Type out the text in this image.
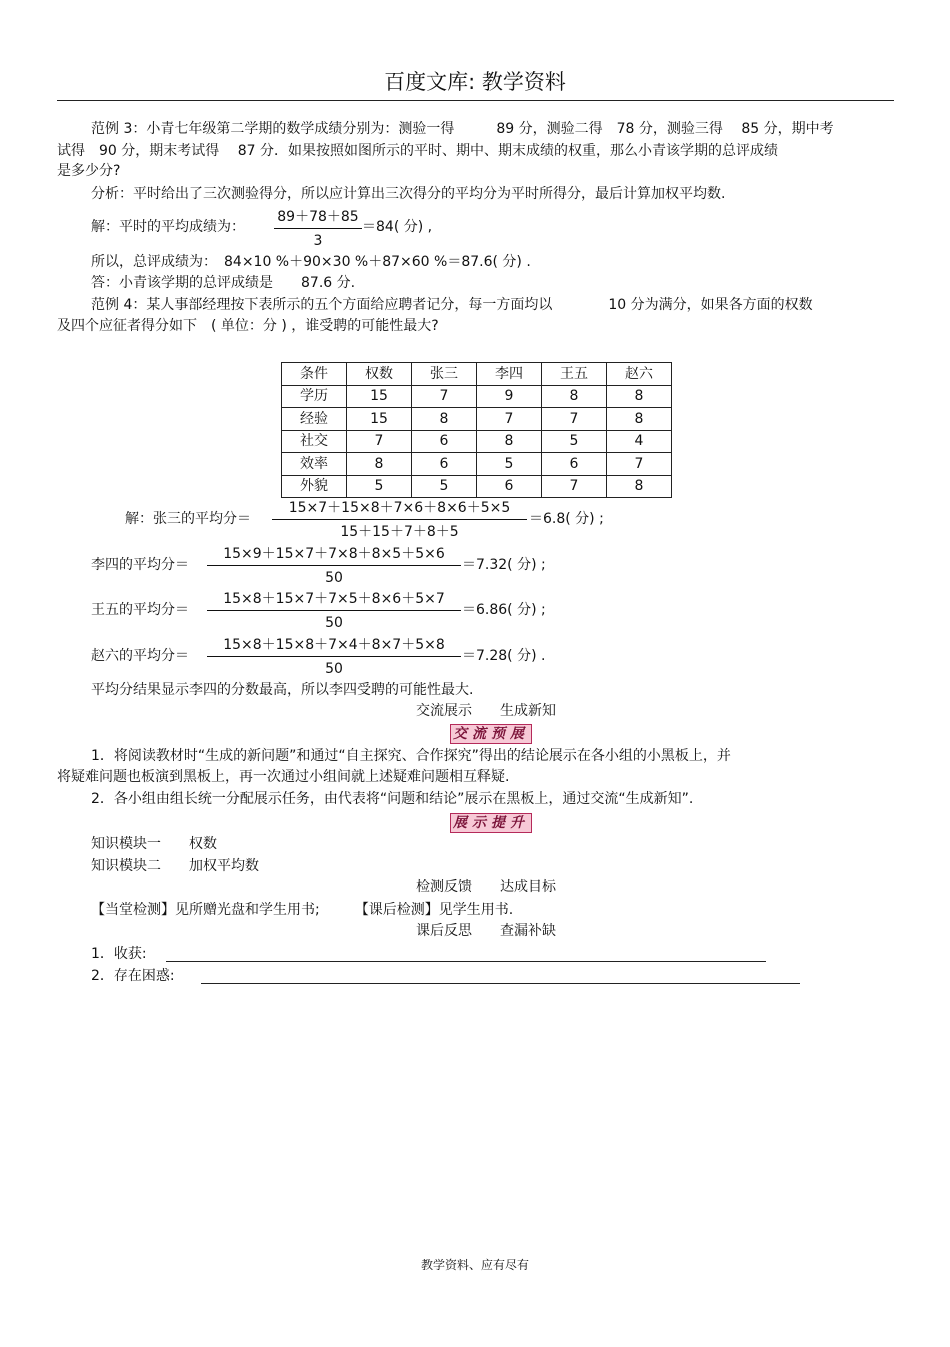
百度文库: 教学资料
范例 3：小青七年级第二学期的数学成绩分别为：测验一得　　　89 分，测验二得　78 分，测验三得　 85 分，期中考
试得　90 分，期末考试得　 87 分．如果按照如图所示的平时、期中、期末成绩的权重，那么小青该学期的总评成绩
是多少分?
分析：平时给出了三次测验得分，所以应计算出三次得分的平均分为平时所得分，最后计算加权平均数.
解：平时的平均成绩为：
89＋78＋85
3
＝84( 分) ,
所以，总评成绩为：　84×10 %＋90×30 %＋87×60 %＝87.6( 分) .
答：小青该学期的总评成绩是　　87.6 分.
范例 4：某人事部经理按下表所示的五个方面给应聘者记分，每一方面均以　　　　10 分为满分，如果各方面的权数
及四个应征者得分如下　( 单位：分 ) ，谁受聘的可能性最大?
条件	权数	张三	李四	王五	赵六
学历	15	7	9	8	8
经验	15	8	7	7	8
社交	7	6	8	5	4
效率	8	6	5	6	7
外貌	5	5	6	7	8
解：张三的平均分＝
15×7＋15×8＋7×6＋8×6＋5×5
15＋15＋7＋8＋5
＝6.8( 分) ;
李四的平均分＝
15×9＋15×7＋7×8＋8×5＋5×6
50
＝7.32( 分) ;
王五的平均分＝
15×8＋15×7＋7×5＋8×6＋5×7
50
＝6.86( 分) ;
赵六的平均分＝
15×8＋15×8＋7×4＋8×7＋5×8
50
＝7.28( 分) .
平均分结果显示李四的分数最高，所以李四受聘的可能性最大.
交流展示　　生成新知
交流预展
1．将阅读教材时“生成的新问题”和通过“自主探究、合作探究”得出的结论展示在各小组的小黑板上，并
将疑难问题也板演到黑板上，再一次通过小组间就上述疑难问题相互释疑.
2．各小组由组长统一分配展示任务，由代表将“问题和结论”展示在黑板上，通过交流“生成新知”.
展示提升
知识模块一　　权数
知识模块二　　加权平均数
检测反馈　　达成目标
【当堂检测】见所赠光盘和学生用书;　　　【课后检测】见学生用书.
课后反思　　查漏补缺
1．收获:
2．存在困惑:
教学资料、应有尽有
